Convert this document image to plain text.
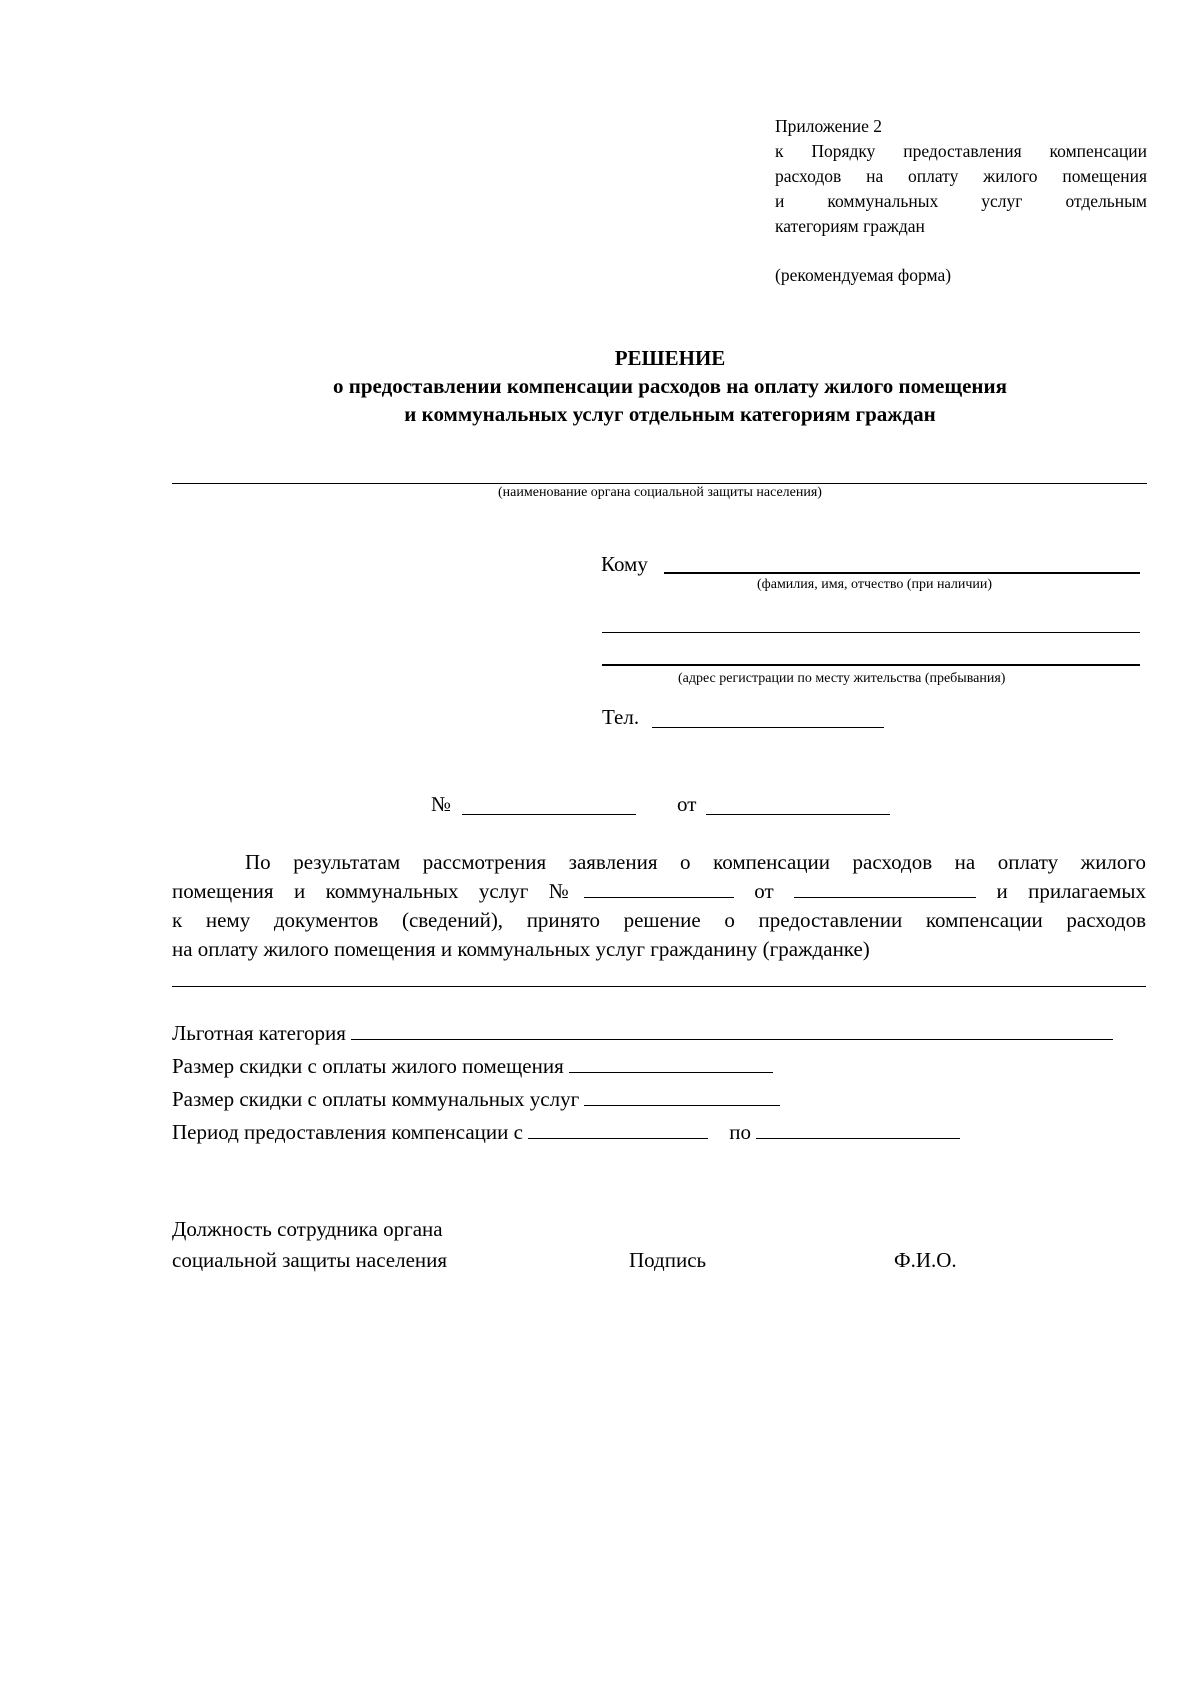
Приложение 2
к Порядку предоставления компенсации
расходов на оплату жилого помещения
и коммунальных услуг отдельным
категориям граждан
(рекомендуемая форма)
РЕШЕНИЕ
о предоставлении компенсации расходов на оплату жилого помещения
и коммунальных услуг отдельным категориям граждан
(наименование органа социальной защиты населения)
Кому
(фамилия, имя, отчество (при наличии)
(адрес регистрации по месту жительства (пребывания)
Тел.
№	от
По результатам рассмотрения заявления о компенсации расходов на оплату жилого
помещения и коммунальных услуг №	от	и прилагаемых
к нему документов (сведений), принято решение о предоставлении компенсации расходов
на оплату жилого помещения и коммунальных услуг гражданину (гражданке)
Льготная категория
Размер скидки с оплаты жилого помещения
Размер скидки с оплаты коммунальных услуг
Период предоставления компенсации с	по
Должность сотрудника органа
социальной защиты населения	Подпись	Ф.И.О.
